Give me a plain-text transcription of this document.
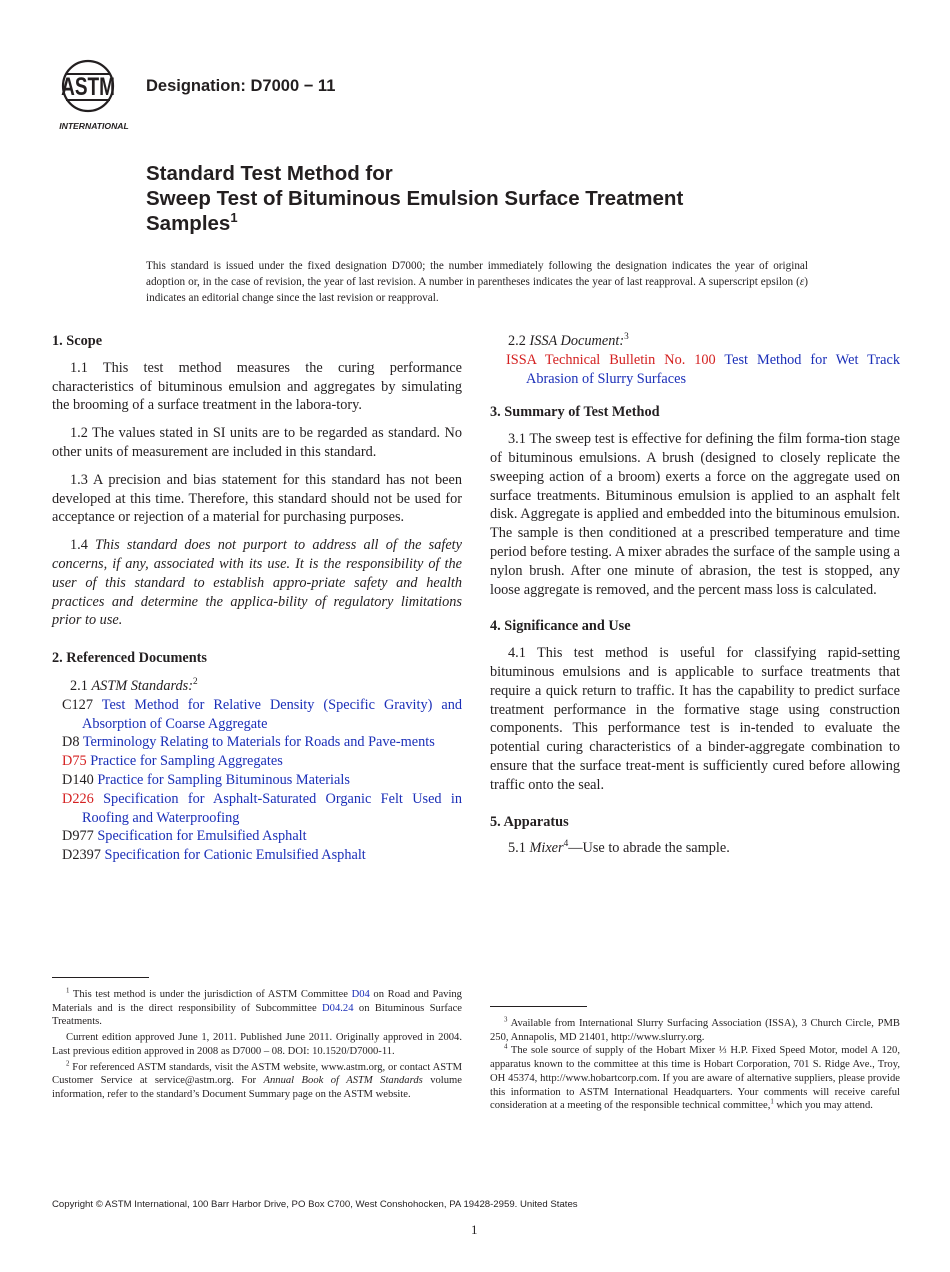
ASTM
INTERNATIONAL
Designation: D7000 − 11
Standard Test Method for
Sweep Test of Bituminous Emulsion Surface Treatment
Samples$^1$
This standard is issued under the fixed designation D7000; the number immediately following the designation indicates the year of original adoption or, in the case of revision, the year of last revision. A number in parentheses indicates the year of last reapproval. A superscript epsilon (ε) indicates an editorial change since the last revision or reapproval.

1. Scope

1.1 This test method measures the curing performance characteristics of bituminous emulsion and aggregates by simulating the brooming of a surface treatment in the labora-tory.

1.2 The values stated in SI units are to be regarded as standard. No other units of measurement are included in this standard.

1.3 A precision and bias statement for this standard has not been developed at this time. Therefore, this standard should not be used for acceptance or rejection of a material for purchasing purposes.

1.4 This standard does not purport to address all of the safety concerns, if any, associated with its use. It is the responsibility of the user of this standard to establish appro-priate safety and health practices and determine the applica-bility of regulatory limitations prior to use.

2. Referenced Documents

2.1 ASTM Standards:$^2$

C127 Test Method for Relative Density (Specific Gravity) and Absorption of Coarse Aggregate

D8 Terminology Relating to Materials for Roads and Pave-ments

D75 Practice for Sampling Aggregates

D140 Practice for Sampling Bituminous Materials

D226 Specification for Asphalt-Saturated Organic Felt Used in Roofing and Waterproofing

D977 Specification for Emulsified Asphalt

D2397 Specification for Cationic Emulsified Asphalt

2.2 ISSA Document:$^3$

ISSA Technical Bulletin No. 100 Test Method for Wet Track Abrasion of Slurry Surfaces

3. Summary of Test Method

3.1 The sweep test is effective for defining the film forma-tion stage of bituminous emulsions. A brush (designed to closely replicate the sweeping action of a broom) exerts a force on the aggregate used on surface treatments. Bituminous emulsion is applied to an asphalt felt disk. Aggregate is applied and embedded into the bituminous emulsion. The sample is then conditioned at a prescribed temperature and time period before testing. A mixer abrades the surface of the sample using a nylon brush. After one minute of abrasion, the test is stopped, any loose aggregate is removed, and the percent mass loss is calculated.

4. Significance and Use

4.1 This test method is useful for classifying rapid-setting bituminous emulsions and is applicable to surface treatments that require a quick return to traffic. It has the capability to predict surface treatment performance in the formative stage using construction components. This performance test is in-tended to evaluate the potential curing characteristics of a binder-aggregate combination to ensure that the surface treat-ment is sufficiently cured before allowing traffic onto the seal.

5. Apparatus

5.1 Mixer$^4$—Use to abrade the sample.

$^1$ This test method is under the jurisdiction of ASTM Committee D04 on Road and Paving Materials and is the direct responsibility of Subcommittee D04.24 on Bituminous Surface Treatments.

Current edition approved June 1, 2011. Published June 2011. Originally approved in 2004. Last previous edition approved in 2008 as D7000 – 08. DOI: 10.1520/D7000-11.

$^2$ For referenced ASTM standards, visit the ASTM website, www.astm.org, or contact ASTM Customer Service at service@astm.org. For Annual Book of ASTM Standards volume information, refer to the standard’s Document Summary page on the ASTM website.

$^3$ Available from International Slurry Surfacing Association (ISSA), 3 Church Circle, PMB 250, Annapolis, MD 21401, http://www.slurry.org.

$^4$ The sole source of supply of the Hobart Mixer ⅓ H.P. Fixed Speed Motor, model A 120, apparatus known to the committee at this time is Hobart Corporation, 701 S. Ridge Ave., Troy, OH 45374, http://www.hobartcorp.com. If you are aware of alternative suppliers, please provide this information to ASTM International Headquarters. Your comments will receive careful consideration at a meeting of the responsible technical committee,$^1$ which you may attend.

Copyright © ASTM International, 100 Barr Harbor Drive, PO Box C700, West Conshohocken, PA 19428-2959. United States
1
